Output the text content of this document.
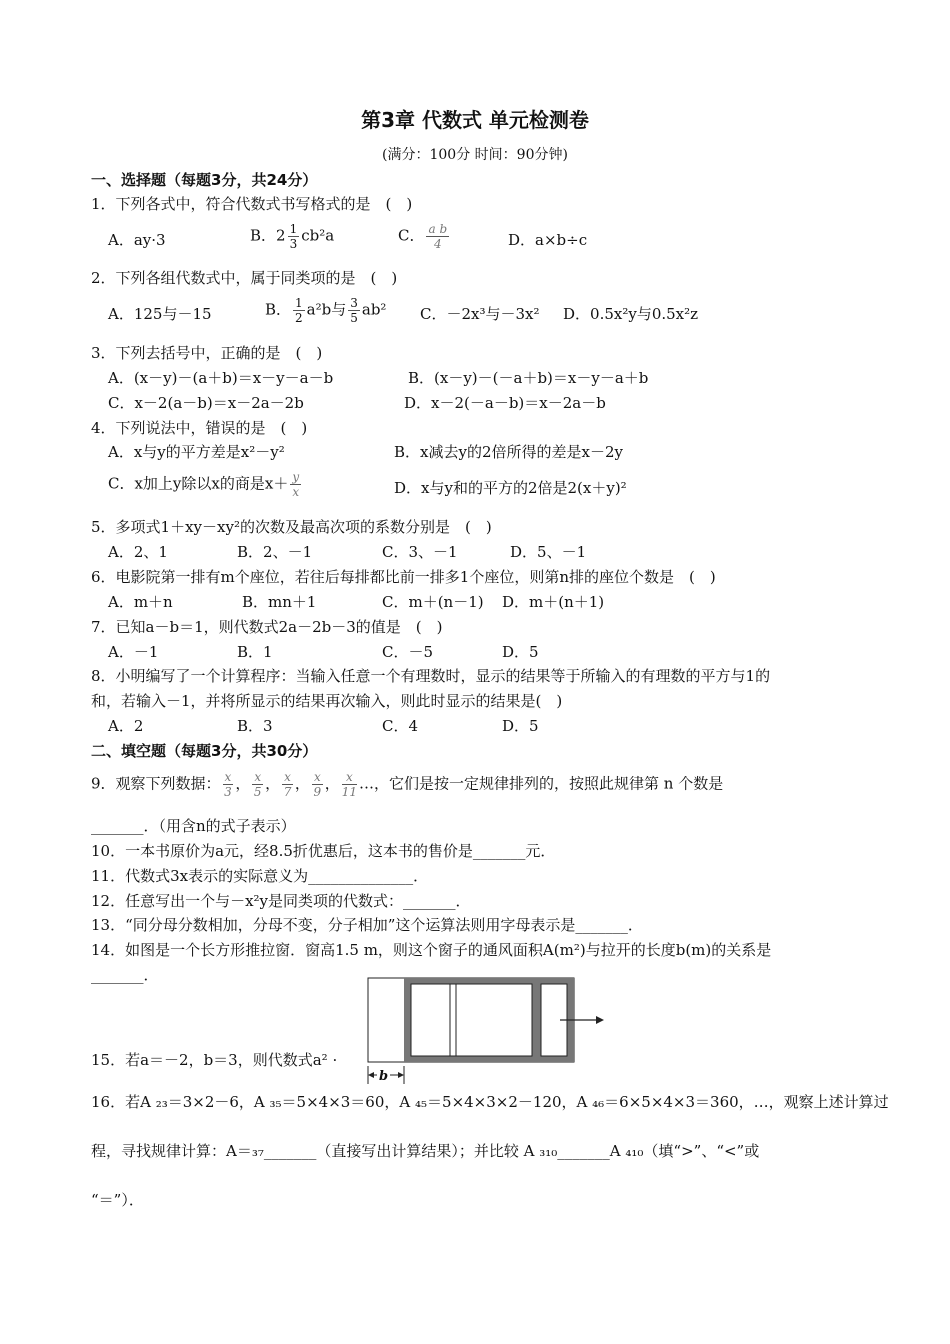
第3章 代数式 单元检测卷
(满分：100分 时间：90分钟)
一、选择题（每题3分，共24分）
1．下列各式中，符合代数式书写格式的是　(　)
A．ay·3	B．$2 \frac{1}{3} cb^2a$	C． $\frac{\text{a b}}{4}$	D．a×b÷c
2．下列各组代数式中，属于同类项的是　(　)
A．125与－15	B． $\frac{1}{2} a^2b$与 $\frac{3}{5} ab^2$ C．－2x³与－3x² D．0.5x²y与0.5x²z
3．下列去括号中，正确的是　(　)
A．(x－y)－(a＋b)＝x－y－a－b	B．(x－y)－(－a＋b)＝x－y－a＋b
C．x－2(a－b)＝x－2a－2b	D．x－2(－a－b)＝x－2a－b
4．下列说法中，错误的是　(　)
A．x与y的平方差是x²－y²	B．x减去y的2倍所得的差是x－2y
C．x加上y除以x的商是$x+ \frac{y}{x}$	D．x与y和的平方的2倍是2(x＋y)²
5．多项式1＋xy－xy²的次数及最高次项的系数分别是　(　)
A．2、1	B．2、－1	C．3、－1	D．5、－1
6．电影院第一排有m个座位，若往后每排都比前一排多1个座位，则第n排的座位个数是　(　)
A．m＋n	B．mn＋1	C．m＋(n－1) D．m＋(n＋1)
7．已知a－b＝1，则代数式2a－2b－3的值是　(　)
A．－1	B．1	C．－5	D．5
8．小明编写了一个计算程序：当输入任意一个有理数时，显示的结果等于所输入的有理数的平方与1的
和，若输入－1，并将所显示的结果再次输入，则此时显示的结果是(　)
A．2	B．3	C．4	D．5
二、填空题（每题3分，共30分）
9．观察下列数据： $\frac{x}{3}$ ， $\frac{x}{5}$ ， $\frac{x}{7}$ ， $\frac{x}{9}$ ， $\frac{x}{11}$ …，它们是按一定规律排列的，按照此规律第 n 个数是
_______．（用含n的式子表示）
10．一本书原价为a元，经8.5折优惠后，这本书的售价是_______元．
11．代数式3x表示的实际意义为______________．
12．任意写出一个与－x²y是同类项的代数式：_______．
13．“同分母分数相加，分母不变，分子相加”这个运算法则用字母表示是_______．
14．如图是一个长方形推拉窗．窗高1.5 m，则这个窗子的通风面积A(m²)与拉开的长度b(m)的关系是
_______．
b
15．若a＝－2，b＝3，则代数式a² ·
16．若A ₂₃＝3×2－6，A ₃₅＝5×4×3＝60，A ₄₅＝5×4×3×2－120，A ₄₆＝6×5×4×3＝360，…，观察上述计算过
程，寻找规律计算：A＝₃₇_______（直接写出计算结果）；并比较 A ₃₁₀_______A ₄₁₀（填“>”、“<”或
“＝”）．
